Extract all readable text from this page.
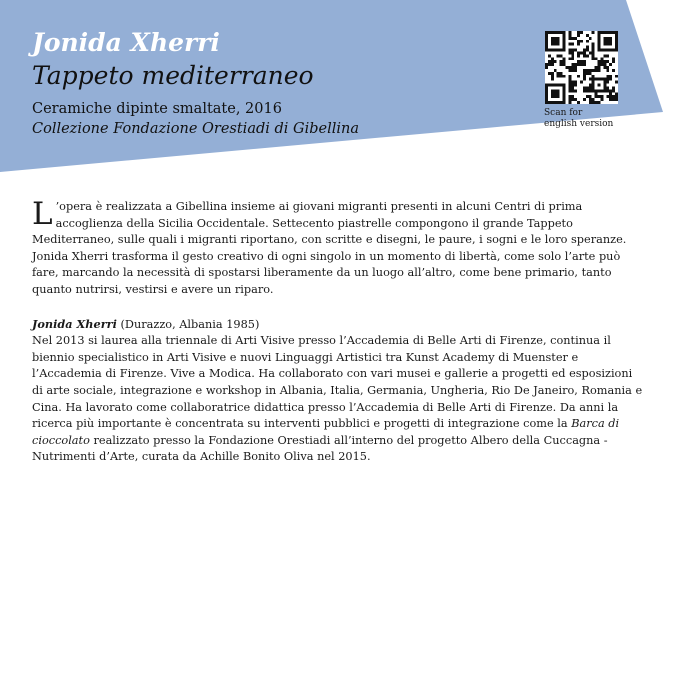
Jonida Xherri
Tappeto mediterraneo
Ceramiche dipinte smaltate, 2016
Collezione Fondazione Orestiadi di Gibellina
Scan for
english version

L ’opera è realizzata a Gibellina insieme ai giovani migranti presenti in alcuni Centri di prima accoglienza della Sicilia Occidentale. Settecento piastrelle compongono il grande Tappeto Mediterraneo, sulle quali i migranti riportano, con scritte e disegni, le paure, i sogni e le loro speranze.

Jonida Xherri trasforma il gesto creativo di ogni singolo in un momento di libertà, come solo l’arte può fare, marcando la necessità di spostarsi liberamente da un luogo all’altro, come bene primario, tanto quanto nutrirsi, vestirsi e avere un riparo.

Jonida Xherri (Durazzo, Albania 1985)

Nel 2013 si laurea alla triennale di Arti Visive presso l’Accademia di Belle Arti di Firenze, continua il biennio specialistico in Arti Visive e nuovi Linguaggi Artistici tra Kunst Academy di Muenster e l’Accademia di Firenze. Vive a Modica. Ha collaborato con vari musei e gallerie a progetti ed esposizioni di arte sociale, integrazione e workshop in Albania, Italia, Germania, Ungheria, Rio De Janeiro, Romania e Cina. Ha lavorato come collaboratrice didattica presso l’Accademia di Belle Arti di Firenze. Da anni la ricerca più importante è concentrata su interventi pubblici e progetti di integrazione come la Barca di cioccolato realizzato presso la Fondazione Orestiadi all’interno del progetto Albero della Cuccagna - Nutrimenti d’Arte, curata da Achille Bonito Oliva nel 2015.
